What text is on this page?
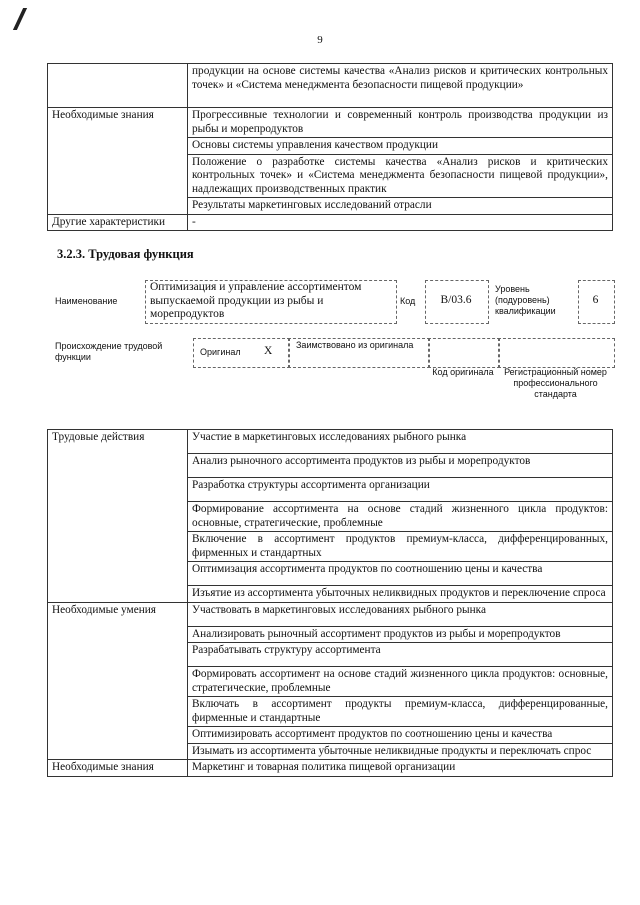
9
	продукции на основе системы качества «Анализ рисков и критических контрольных точек» и «Система менеджмента безопасности пищевой продукции»
Необходимые знания	Прогрессивные технологии и современный контроль производства продукции из рыбы и морепродуктов
	Основы системы управления качеством продукции
	Положение о разработке системы качества «Анализ рисков и критических контрольных точек» и «Система менеджмента безопасности пищевой продукции», надлежащих производственных практик
	Результаты маркетинговых исследований отрасли
Другие характеристики	-
3.2.3. Трудовая функция
Наименование
Оптимизация и управление ассортиментом выпускаемой продукции из рыбы и морепродуктов
Код	B/03.6
Уровень (подуровень) квалификации
6
Происхождение трудовой функции	Оригинал X	Заимствовано из оригинала
Код оригинала	Регистрационный номер профессионального стандарта
Трудовые действия	Участие в маркетинговых исследованиях рыбного рынка
	Анализ рыночного ассортимента продуктов из рыбы и морепродуктов
	Разработка структуры ассортимента организации
	Формирование ассортимента на основе стадий жизненного цикла продуктов: основные, стратегические, проблемные
	Включение в ассортимент продуктов премиум-класса, дифференцированных, фирменных и стандартных
	Оптимизация ассортимента продуктов по соотношению цены и качества
	Изъятие из ассортимента убыточных неликвидных продуктов и переключение спроса
Необходимые умения	Участвовать в маркетинговых исследованиях рыбного рынка
	Анализировать рыночный ассортимент продуктов из рыбы и морепродуктов
	Разрабатывать структуру ассортимента
	Формировать ассортимент на основе стадий жизненного цикла продуктов: основные, стратегические, проблемные
	Включать в ассортимент продукты премиум-класса, дифференцированные, фирменные и стандартные
	Оптимизировать ассортимент продуктов по соотношению цены и качества
	Изымать из ассортимента убыточные неликвидные продукты и переключать спрос
Необходимые знания	Маркетинг и товарная политика пищевой организации
